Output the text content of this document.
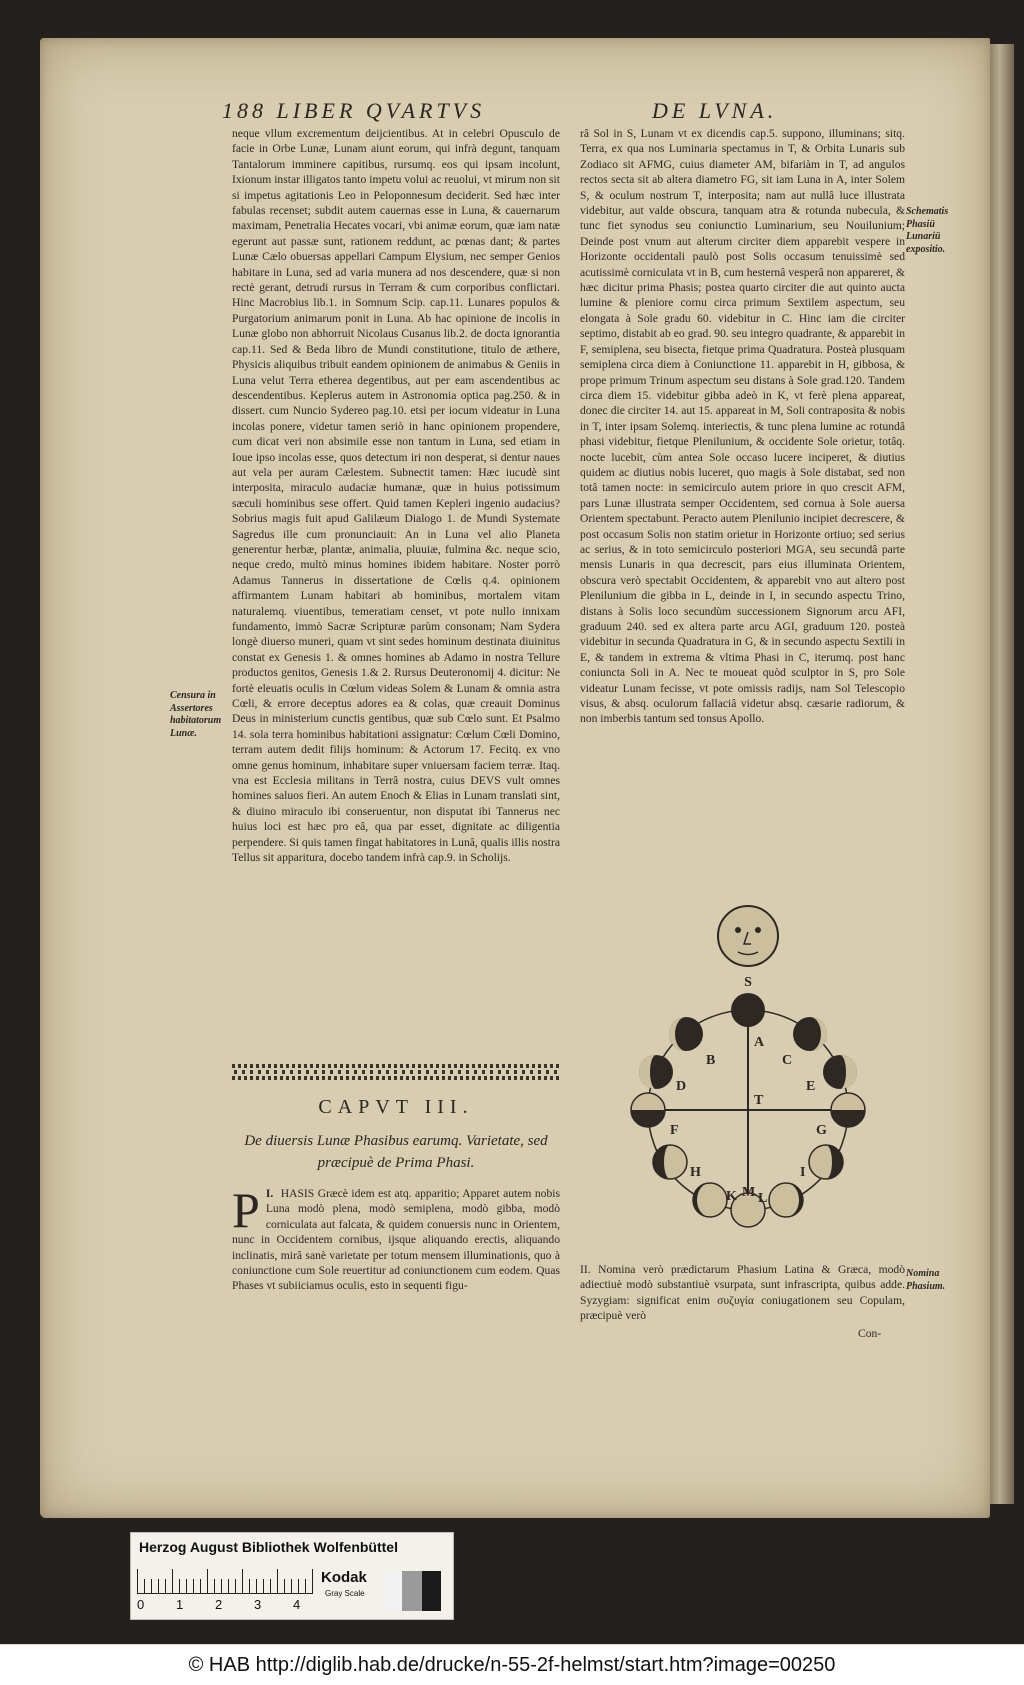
188 LIBER QVARTVS	DE LVNA.

neque vllum excrementum deijcientibus. At in celebri Opusculo de facie in Orbe Lunæ, Lunam aiunt eorum, qui infrà degunt, tanquam Tantalorum imminere capitibus, rursumq. eos qui ipsam incolunt, Ixionum instar illigatos tanto impetu volui ac reuolui, vt mirum non sit si impetus agitationis Leo in Peloponnesum deciderit. Sed hæc inter fabulas recenset; subdit autem cauernas esse in Luna, & cauernarum maximam, Penetralia Hecates vocari, vbi animæ eorum, quæ iam natæ egerunt aut passæ sunt, rationem reddunt, ac pœnas dant; & partes Lunæ Cælo obuersas appellari Campum Elysium, nec semper Genios habitare in Luna, sed ad varia munera ad nos descendere, quæ si non rectè gerant, detrudi rursus in Terram & cum corporibus conflictari. Hinc Macrobius lib.1. in Somnum Scip. cap.11. Lunares populos & Purgatorium animarum ponit in Luna. Ab hac opinione de incolis in Lunæ globo non abhorruit Nicolaus Cusanus lib.2. de docta ignorantia cap.11. Sed & Beda libro de Mundi constitutione, titulo de æthere, Physicis aliquibus tribuit eandem opinionem de animabus & Geniis in Luna velut Terra etherea degentibus, aut per eam ascendentibus ac descendentibus. Keplerus autem in Astronomia optica pag.250. & in dissert. cum Nuncio Sydereo pag.10. etsi per iocum videatur in Luna incolas ponere, videtur tamen seriò in hanc opinionem propendere, cum dicat veri non absimile esse non tantum in Luna, sed etiam in Ioue ipso incolas esse, quos detectum iri non desperat, si dentur naues aut vela per auram Cælestem. Subnectit tamen: Hæc iucudè sint interposita, miraculo audaciæ humanæ, quæ in huius potissimum sæculi hominibus sese offert. Quid tamen Kepleri ingenio audacius? Sobrius magis fuit apud Galilæum Dialogo 1. de Mundi Systemate Sagredus ille cum pronunciauit: An in Luna vel alio Planeta generentur herbæ, plantæ, animalia, pluuiæ, fulmina &c. neque scio, neque credo, multò minus homines ibidem habitare. Noster porrò Adamus Tannerus in dissertatione de Cœlis q.4. opinionem affirmantem Lunam habitari ab hominibus, mortalem vitam naturalemq. viuentibus, temeratiam censet, vt pote nullo innixam fundamento, immò Sacræ Scripturæ parùm consonam; Nam Sydera longè diuerso muneri, quam vt sint sedes hominum destinata diuinitus constat ex Genesis 1. & omnes homines ab Adamo in nostra Tellure productos genitos, Genesis 1.& 2. Rursus Deuteronomij 4. dicitur: Ne fortè eleuatis oculis in Cœlum videas Solem & Lunam & omnia astra Cœli, & errore deceptus adores ea & colas, quæ creauit Dominus Deus in ministerium cunctis gentibus, quæ sub Cœlo sunt. Et Psalmo 14. sola terra hominibus habitationi assignatur: Cœlum Cœli Domino, terram autem dedit filijs hominum: & Actorum 17. Fecitq. ex vno omne genus hominum, inhabitare super vniuersam faciem terræ. Itaq. vna est Ecclesia militans in Terrâ nostra, cuius DEVS vult omnes homines saluos fieri. An autem Enoch & Elias in Lunam translati sint, & diuino miraculo ibi conseruentur, non disputat ibi Tannerus nec huius loci est hæc pro eâ, qua par esset, dignitate ac diligentia perpendere. Si quis tamen fingat habitatores in Lunâ, qualis illis nostra Tellus sit apparitura, docebo tandem infrà cap.9. in Scholijs.

Censura in Assertores habitatorum Lunæ.
Schematis Phasiü Lunariü expositio.
Nomina Phasium.
CAPVT III.
De diuersis Lunæ Phasibus earumq. Varietate, sed præcipuè de Prima Phasi.

I.
P HASIS Græcè idem est atq. apparitio; Apparet autem nobis Luna modò plena, modò semiplena, modò gibba, modò corniculata aut falcata, & quidem conuersis nunc in Orientem, nunc in Occidentem cornibus, ijsque aliquando erectis, aliquando inclinatis, mirâ sanè varietate per totum mensem illuminationis, quo à coniunctione cum Sole reuertitur ad coniunctionem cum eodem. Quas Phases vt subiiciamus oculis, esto in sequenti figu-

râ Sol in S, Lunam vt ex dicendis cap.5. suppono, illuminans; sitq. Terra, ex qua nos Luminaria spectamus in T, & Orbita Lunaris sub Zodiaco sit AFMG, cuius diameter AM, bifariàm in T, ad angulos rectos secta sit ab altera diametro FG, sit iam Luna in A, inter Solem S, & oculum nostrum T, interposita; nam aut nullâ luce illustrata videbitur, aut valde obscura, tanquam atra & rotunda nubecula, & tunc fiet synodus seu coniunctio Luminarium, seu Nouilunium; Deinde post vnum aut alterum circiter diem apparebit vespere in Horizonte occidentali paulò post Solis occasum tenuissimè sed acutissimè corniculata vt in B, cum hesternâ vesperâ non appareret, & hæc dicitur prima Phasis; postea quarto circiter die aut quinto aucta lumine & pleniore cornu circa primum Sextilem aspectum, seu elongata à Sole gradu 60. videbitur in C. Hinc iam die circiter septimo, distabit ab eo grad. 90. seu integro quadrante, & apparebit in F, semiplena, seu bisecta, fietque prima Quadratura. Posteà plusquam semiplena circa diem à Coniunctione 11. apparebit in H, gibbosa, & prope primum Trinum aspectum seu distans à Sole grad.120. Tandem circa diem 15. videbitur gibba adeò in K, vt ferè plena appareat, donec die circiter 14. aut 15. appareat in M, Soli contraposita & nobis in T, inter ipsam Solemq. interiectis, & tunc plena lumine ac rotundâ phasi videbitur, fietque Plenilunium, & occidente Sole orietur, totâq. nocte lucebit, cùm antea Sole occaso lucere inciperet, & diutius quidem ac diutius nobis luceret, quo magis à Sole distabat, sed non totâ tamen nocte: in semicirculo autem priore in quo crescit AFM, pars Lunæ illustrata semper Occidentem, sed cornua à Sole auersa Orientem spectabunt. Peracto autem Plenilunio incipiet decrescere, & post occasum Solis non statim orietur in Horizonte ortiuo; sed serius ac serius, & in toto semicirculo posteriori MGA, seu secundâ parte mensis Lunaris in qua decrescit, pars eius illuminata Orientem, obscura verò spectabit Occidentem, & apparebit vno aut altero post Plenilunium die gibba in L, deinde in I, in secundo aspectu Trino, distans à Solis loco secundùm successionem Signorum arcu AFI, graduum 240. sed ex altera parte arcu AGI, graduum 120. posteà videbitur in secunda Quadratura in G, & in secundo aspectu Sextili in E, & tandem in extrema & vltima Phasi in C, iterumq. post hanc coniuncta Soli in A. Nec te moueat quòd sculptor in S, pro Sole videatur Lunam fecisse, vt pote omissis radijs, nam Sol Telescopio visus, & absq. oculorum fallaciâ videtur absq. cæsarie radiorum, & non imberbis tantum sed tonsus Apollo.

S
A
B	C
D	E
F	G
H	I
K L
M
T

II. Nomina verò prædictarum Phasium Latina & Græca, modò adiectiuè modò substantiuè vsurpata, sunt infrascripta, quibus adde. Syzygiam: significat enim συζυγία coniugationem seu Copulam, præcipuè verò

Con-
Herzog August Bibliothek Wolfenbüttel
0	1	2	3	4
Kodak
Gray Scale
© HAB http://diglib.hab.de/drucke/n-55-2f-helmst/start.htm?image=00250
